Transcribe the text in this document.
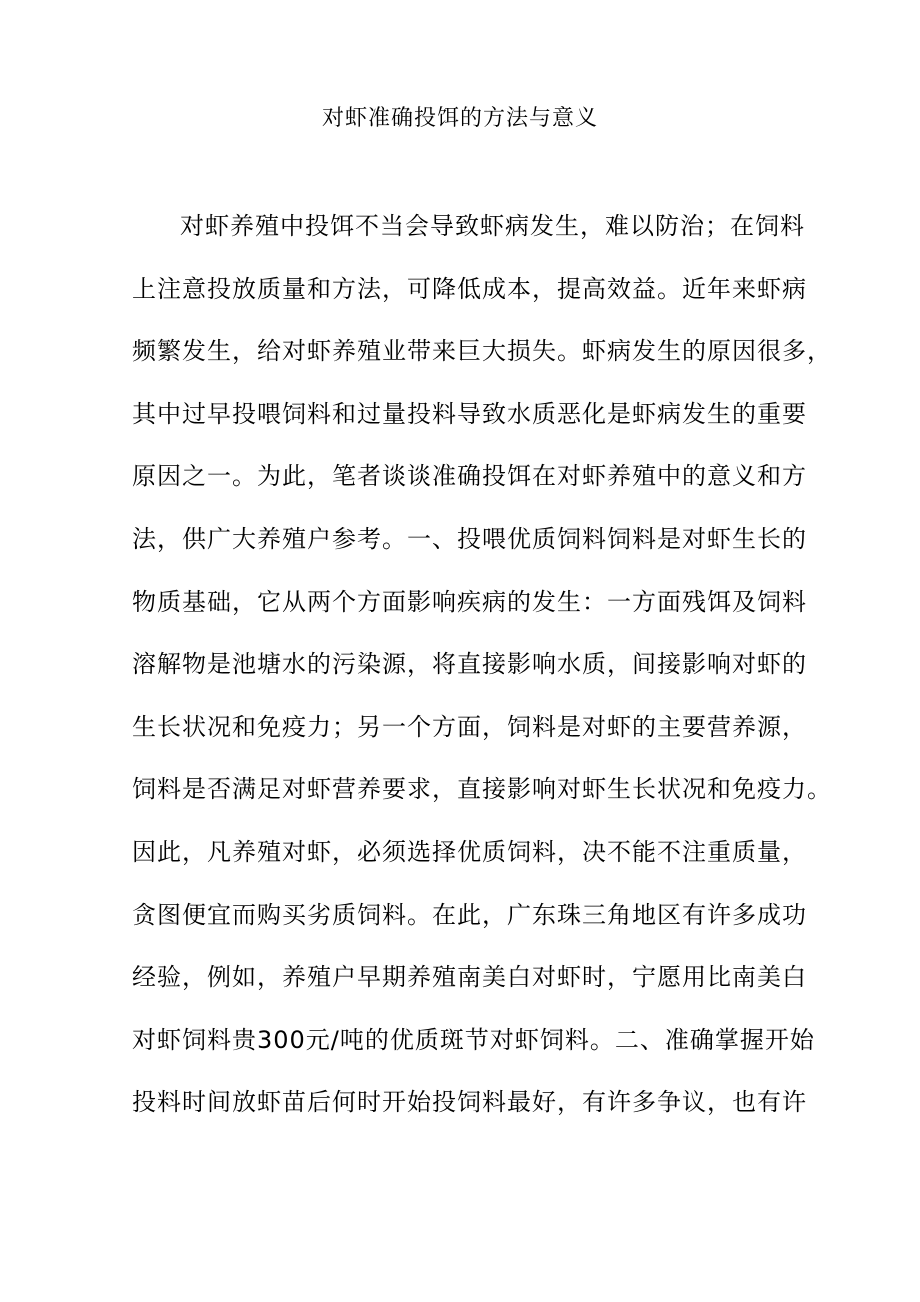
对虾准确投饵的方法与意义
对虾养殖中投饵不当会导致虾病发生，难以防治；在饲料
上注意投放质量和方法，可降低成本，提高效益。近年来虾病
频繁发生，给对虾养殖业带来巨大损失。虾病发生的原因很多，
其中过早投喂饲料和过量投料导致水质恶化是虾病发生的重要
原因之一。为此，笔者谈谈准确投饵在对虾养殖中的意义和方
法，供广大养殖户参考。一、投喂优质饲料饲料是对虾生长的
物质基础，它从两个方面影响疾病的发生：一方面残饵及饲料
溶解物是池塘水的污染源，将直接影响水质，间接影响对虾的
生长状况和免疫力；另一个方面，饲料是对虾的主要营养源，
饲料是否满足对虾营养要求，直接影响对虾生长状况和免疫力。
因此，凡养殖对虾，必须选择优质饲料，决不能不注重质量，
贪图便宜而购买劣质饲料。在此，广东珠三角地区有许多成功
经验，例如，养殖户早期养殖南美白对虾时，宁愿用比南美白
对虾饲料贵300元/吨的优质斑节对虾饲料。二、准确掌握开始
投料时间放虾苗后何时开始投饲料最好，有许多争议，也有许
